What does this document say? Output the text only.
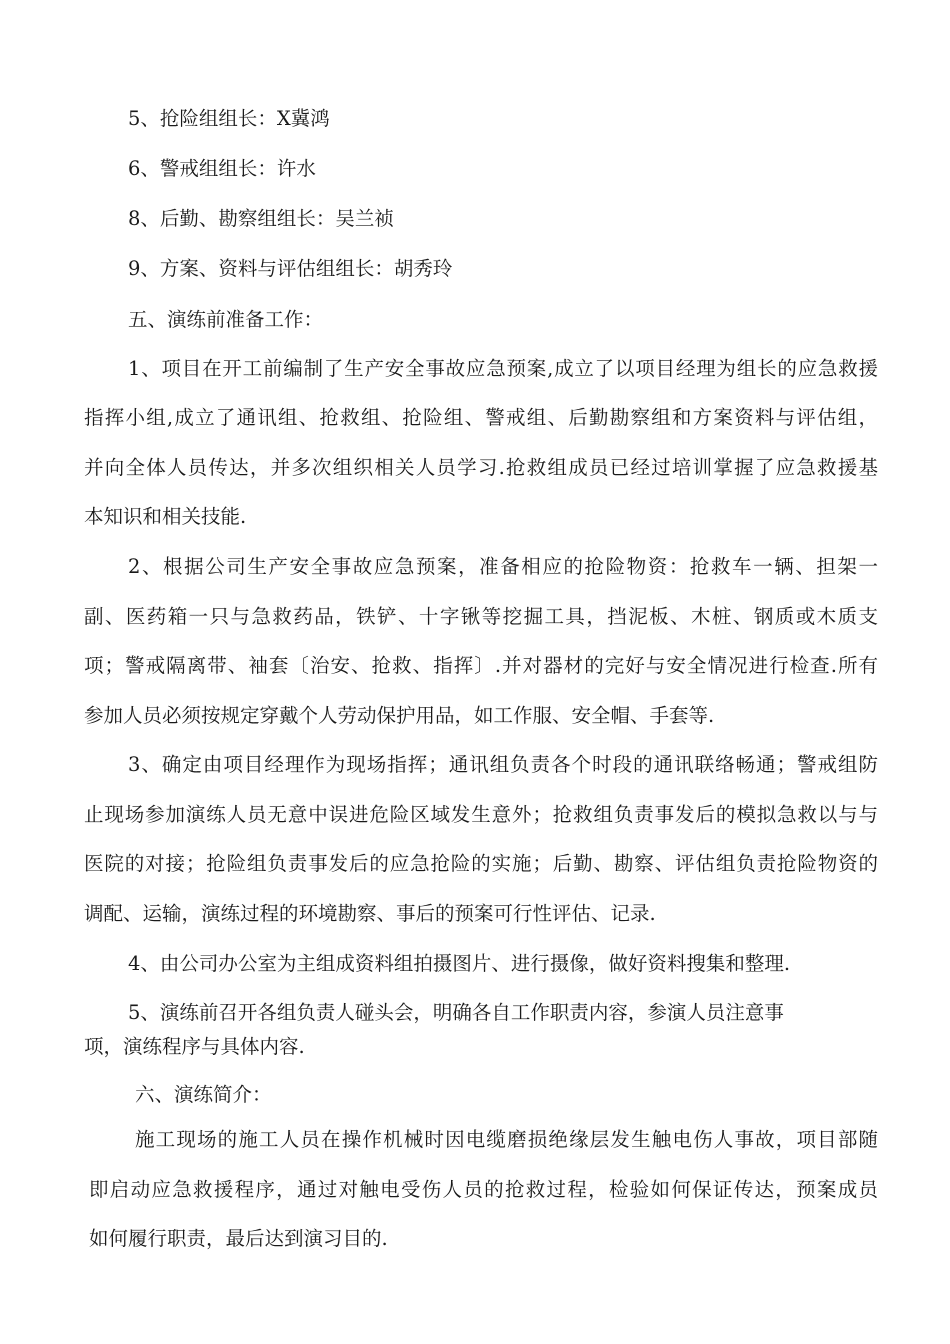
5、抢险组组长：X冀鸿
6、警戒组组长：许水
8、后勤、勘察组组长：吴兰祯
9、方案、资料与评估组组长：胡秀玲
五、演练前准备工作：
1、项目在开工前编制了生产安全事故应急预案,成立了以项目经理为组长的应急救援
指挥小组,成立了通讯组、抢救组、抢险组、警戒组、后勤勘察组和方案资料与评估组，
并向全体人员传达，并多次组织相关人员学习.抢救组成员已经过培训掌握了应急救援基
本知识和相关技能.
2、根据公司生产安全事故应急预案，准备相应的抢险物资：抢救车一辆、担架一
副、医药箱一只与急救药品，铁铲、十字锹等挖掘工具，挡泥板、木桩、钢质或木质支
项；警戒隔离带、袖套〔治安、抢救、指挥〕.并对器材的完好与安全情况进行检查.所有
参加人员必须按规定穿戴个人劳动保护用品，如工作服、安全帽、手套等.
3、确定由项目经理作为现场指挥；通讯组负责各个时段的通讯联络畅通；警戒组防
止现场参加演练人员无意中误进危险区域发生意外；抢救组负责事发后的模拟急救以与与
医院的对接；抢险组负责事发后的应急抢险的实施；后勤、勘察、评估组负责抢险物资的
调配、运输，演练过程的环境勘察、事后的预案可行性评估、记录.
4、由公司办公室为主组成资料组拍摄图片、进行摄像，做好资料搜集和整理.
5、演练前召开各组负责人碰头会，明确各自工作职责内容，参演人员注意事
项，演练程序与具体内容.
六、演练简介：
施工现场的施工人员在操作机械时因电缆磨损绝缘层发生触电伤人事故，项目部随
即启动应急救援程序，通过对触电受伤人员的抢救过程，检验如何保证传达，预案成员
如何履行职责，最后达到演习目的.
